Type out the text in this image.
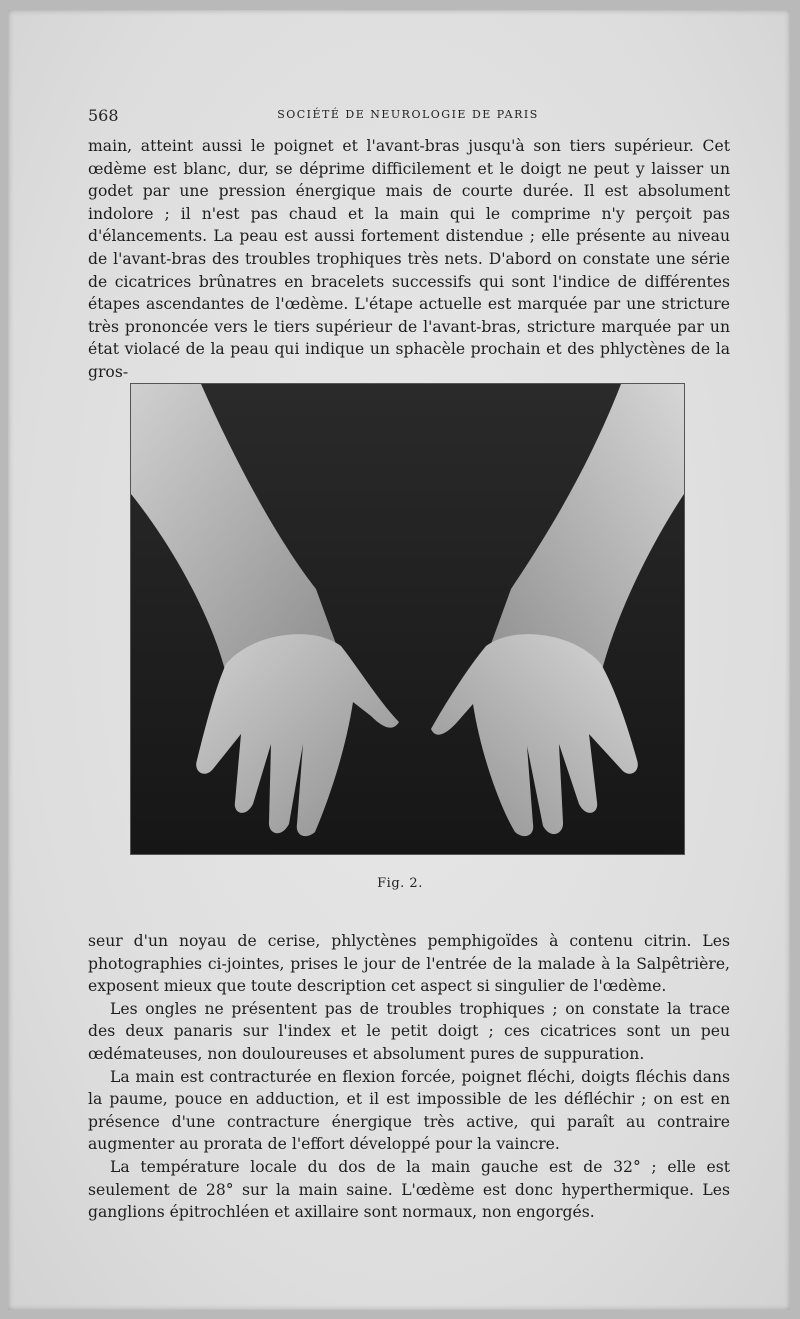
568	SOCIÉTÉ DE NEUROLOGIE DE PARIS

main, atteint aussi le poignet et l'avant-bras jusqu'à son tiers supérieur. Cet œdème est blanc, dur, se déprime difficilement et le doigt ne peut y laisser un godet par une pression énergique mais de courte durée. Il est absolument indolore ; il n'est pas chaud et la main qui le comprime n'y perçoit pas d'élancements. La peau est aussi fortement distendue ; elle présente au niveau de l'avant-bras des troubles trophiques très nets. D'abord on constate une série de cicatrices brûnatres en bracelets successifs qui sont l'indice de différentes étapes ascendantes de l'œdème. L'étape actuelle est marquée par une stricture très prononcée vers le tiers supérieur de l'avant-bras, stricture marquée par un état violacé de la peau qui indique un sphacèle prochain et des phlyctènes de la gros-

Fig. 2.

seur d'un noyau de cerise, phlyctènes pemphigoïdes à contenu citrin. Les photographies ci-jointes, prises le jour de l'entrée de la malade à la Salpêtrière, exposent mieux que toute description cet aspect si singulier de l'œdème.

Les ongles ne présentent pas de troubles trophiques ; on constate la trace des deux panaris sur l'index et le petit doigt ; ces cicatrices sont un peu œdémateuses, non douloureuses et absolument pures de suppuration.

La main est contracturée en flexion forcée, poignet fléchi, doigts fléchis dans la paume, pouce en adduction, et il est impossible de les défléchir ; on est en présence d'une contracture énergique très active, qui paraît au contraire augmenter au prorata de l'effort développé pour la vaincre.

La température locale du dos de la main gauche est de 32° ; elle est seulement de 28° sur la main saine. L'œdème est donc hyperthermique. Les ganglions épitrochléen et axillaire sont normaux, non engorgés.
